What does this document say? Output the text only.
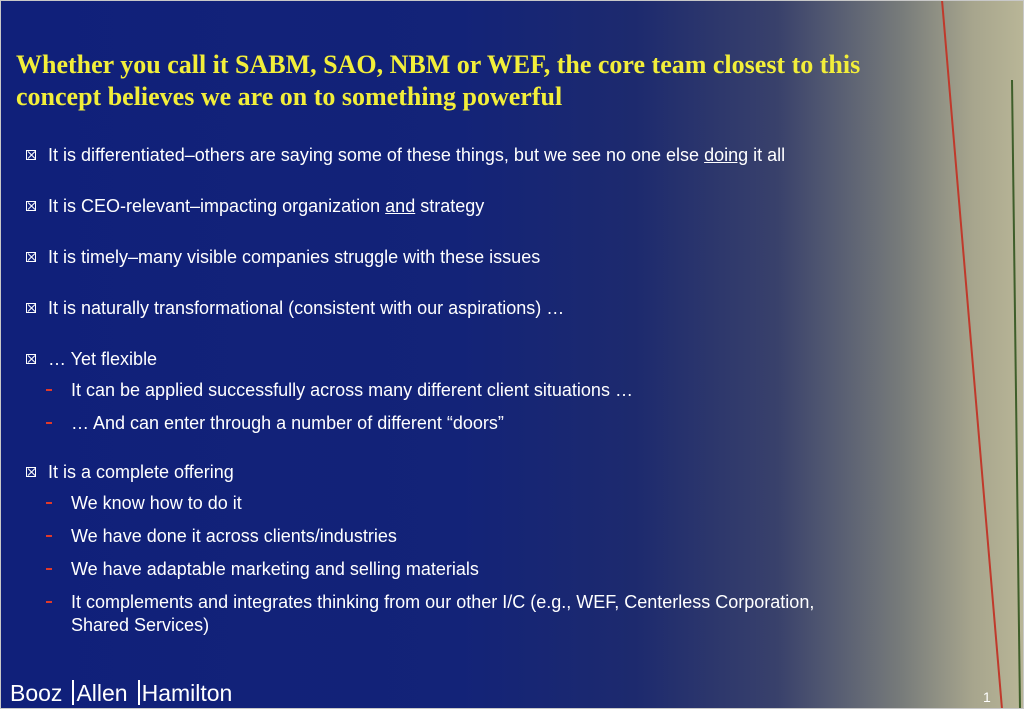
Whether you call it SABM, SAO, NBM or WEF, the core team closest to this concept believes we are on to something powerful
It is differentiated–others are saying some of these things, but we see no one else doing it all
It is CEO-relevant–impacting organization and strategy
It is timely–many visible companies struggle with these issues
It is naturally transformational (consistent with our aspirations) …
… Yet flexible
It can be applied successfully across many different client situations …
… And can enter through a number of different “doors”
It is a complete offering
We know how to do it
We have done it across clients/industries
We have adaptable marketing and selling materials
It complements and integrates thinking from our other I/C (e.g., WEF, Centerless Corporation, Shared Services)
Booz Allen Hamilton	1
